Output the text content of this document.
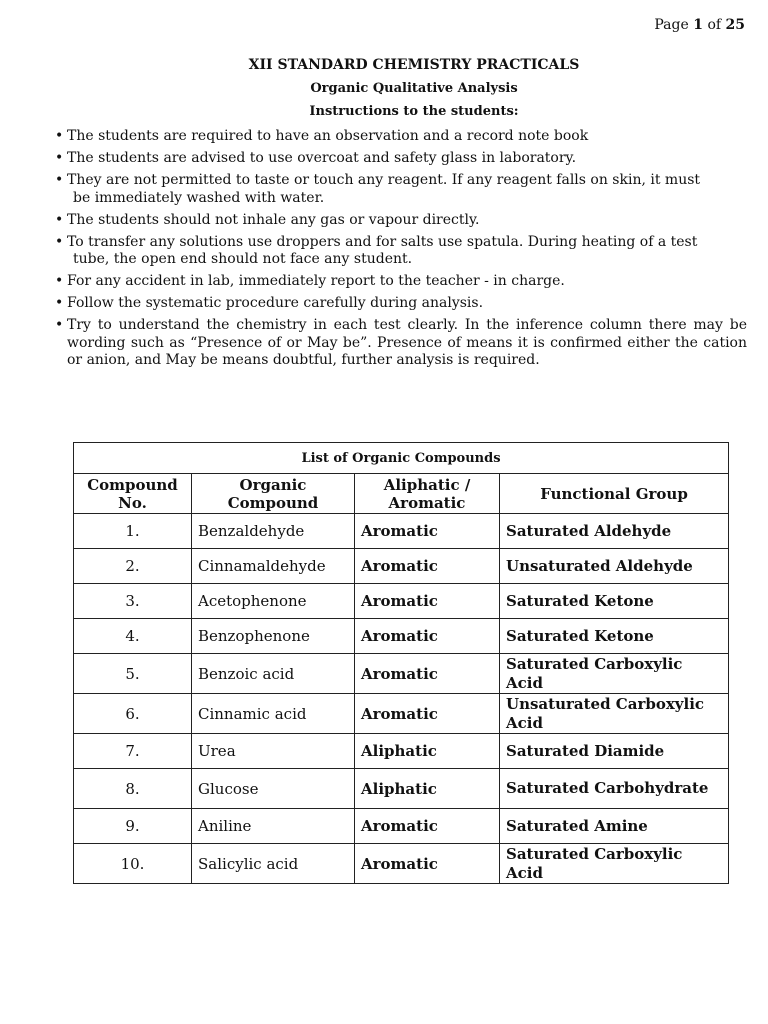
Page 1 of 25
XII STANDARD CHEMISTRY PRACTICALS
Organic Qualitative Analysis
Instructions to the students:
• The students are required to have an observation and a record note book
• The students are advised to use overcoat and safety glass in laboratory.
• They are not permitted to taste or touch any reagent. If any reagent falls on skin, it must
be immediately washed with water.
• The students should not inhale any gas or vapour directly.
• To transfer any solutions use droppers and for salts use spatula. During heating of a test
tube, the open end should not face any student.
• For any accident in lab, immediately report to the teacher - in charge.
• Follow the systematic procedure carefully during analysis.
• Try to understand the chemistry in each test clearly. In the inference column there may be wording such as “Presence of or May be”. Presence of means it is confirmed either the cation or anion, and May be means doubtful, further analysis is required.
List of Organic Compounds			
Compound No.	Organic Compound	Aliphatic / Aromatic	Functional Group
1.	Benzaldehyde	Aromatic	Saturated Aldehyde
2.	Cinnamaldehyde	Aromatic	Unsaturated Aldehyde
3.	Acetophenone	Aromatic	Saturated Ketone
4.	Benzophenone	Aromatic	Saturated Ketone
5.	Benzoic acid	Aromatic	Saturated Carboxylic Acid
6.	Cinnamic acid	Aromatic	Unsaturated Carboxylic Acid
7.	Urea	Aliphatic	Saturated Diamide
8.	Glucose	Aliphatic	Saturated Carbohydrate
9.	Aniline	Aromatic	Saturated Amine
10.	Salicylic acid	Aromatic	Saturated Carboxylic Acid
